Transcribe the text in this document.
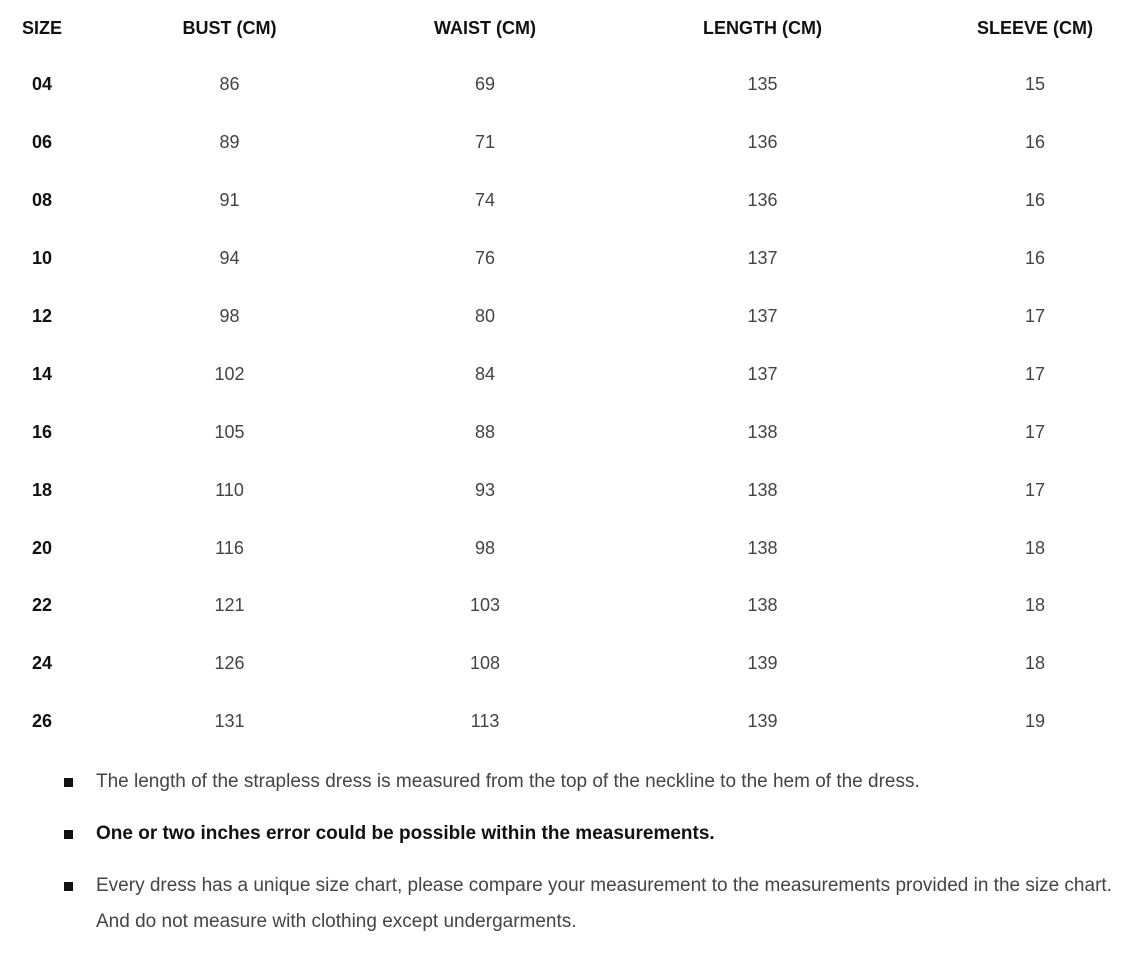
SIZE	BUST (CM)	WAIST (CM)	LENGTH (CM)	SLEEVE (CM)
04	86	69	135	15
06	89	71	136	16
08	91	74	136	16
10	94	76	137	16
12	98	80	137	17
14	102	84	137	17
16	105	88	138	17
18	110	93	138	17
20	116	98	138	18
22	121	103	138	18
24	126	108	139	18
26	131	113	139	19
The length of the strapless dress is measured from the top of the neckline to the hem of the dress.
One or two inches error could be possible within the measurements.
Every dress has a unique size chart, please compare your measurement to the measurements provided in the size chart. And do not measure with clothing except undergarments.
